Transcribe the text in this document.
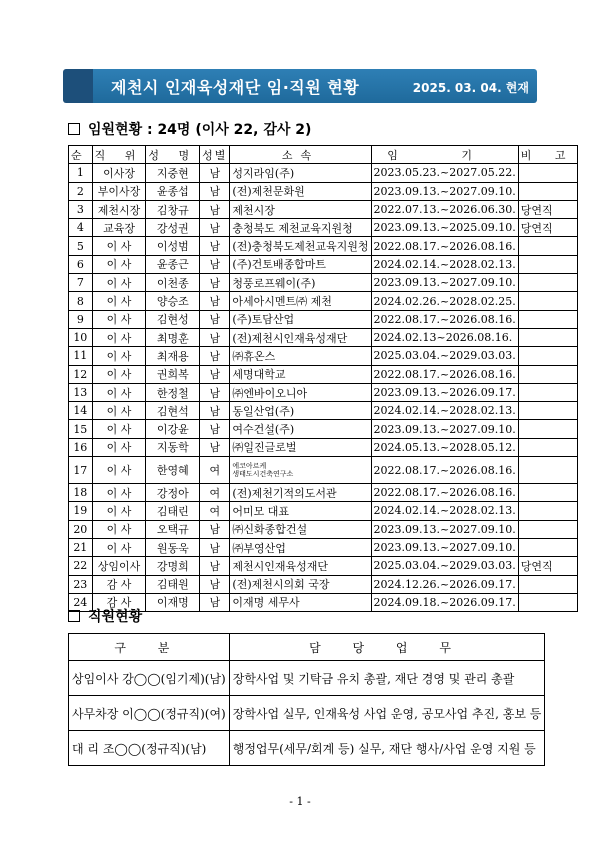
제천시 인재육성재단 임·직원 현황	2025. 03. 04. 현재
임원현황 : 24명 (이사 22, 감사 2)
순	직 위	성 명	성별	소속	임 기	비 고
1	이사장	지중현	남	성지라임(주)	2023.05.23.~2027.05.22.	
2	부이사장	윤종섭	남	(전)제천문화원	2023.09.13.~2027.09.10.	
3	제천시장	김창규	남	제천시장	2022.07.13.~2026.06.30.	당연직
4	교육장	강성권	남	충청북도 제천교육지원청	2023.09.13.~2025.09.10.	당연직
5	이 사	이성범	남	(전)충청북도제천교육지원청	2022.08.17.~2026.08.16.	
6	이 사	윤종근	남	(주)건토배종합마트	2024.02.14.~2028.02.13.	
7	이 사	이천종	남	청풍로프웨이(주)	2023.09.13.~2027.09.10.	
8	이 사	양승조	남	아세아시멘트㈜ 제천	2024.02.26.~2028.02.25.	
9	이 사	김현성	남	(주)토담산업	2022.08.17.~2026.08.16.	
10	이 사	최명훈	남	(전)제천시인재육성재단	2024.02.13~2026.08.16.	
11	이 사	최재용	남	㈜휴온스	2025.03.04.~2029.03.03.	
12	이 사	권희복	남	세명대학교	2022.08.17.~2026.08.16.	
13	이 사	한정철	남	㈜엔바이오니아	2023.09.13.~2026.09.17.	
14	이 사	김현석	남	동일산업(주)	2024.02.14.~2028.02.13.	
15	이 사	이강윤	남	여수건설(주)	2023.09.13.~2027.09.10.	
16	이 사	지동학	남	㈜일진글로벌	2024.05.13.~2028.05.12.	
17	이 사	한영혜	여	에코아르케
생태도시건축연구소	2022.08.17.~2026.08.16.	
18	이 사	강정아	여	(전)제천기적의도서관	2022.08.17.~2026.08.16.	
19	이 사	김태린	여	어미모 대표	2024.02.14.~2028.02.13.	
20	이 사	오택규	남	㈜신화종합건설	2023.09.13.~2027.09.10.	
21	이 사	원동욱	남	㈜부영산업	2023.09.13.~2027.09.10.	
22	상임이사	강명희	남	제천시인재육성재단	2025.03.04.~2029.03.03.	당연직
23	감 사	김태원	남	(전)제천시의회 국장	2024.12.26.~2026.09.17.	
24	감 사	이재명	남	이재명 세무사	2024.09.18.~2026.09.17.	
직원현황
구 분	담 당 업 무
상임이사 강◯◯(임기제)(남)	장학사업 및 기탁금 유치 총괄, 재단 경영 및 관리 총괄
사무차장 이◯◯(정규직)(여)	장학사업 실무, 인재육성 사업 운영, 공모사업 추진, 홍보 등
대 리 조◯◯(정규직)(남)	행정업무(세무/회계 등) 실무, 재단 행사/사업 운영 지원 등
- 1 -
